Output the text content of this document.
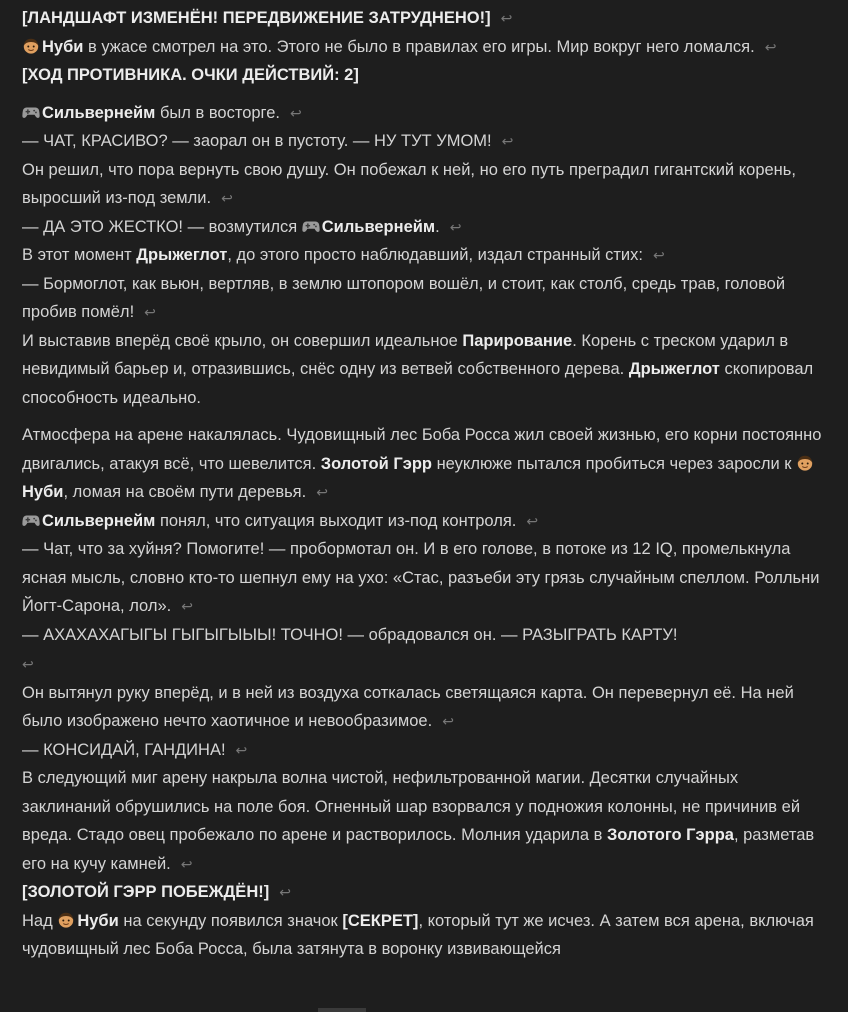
[ЛАНДШАФТ ИЗМЕНЁН! ПЕРЕДВИЖЕНИЕ ЗАТРУДНЕНО!] ↩

Нуби в ужасе смотрел на это. Этого не было в правилах его игры. Мир вокруг него ломался. ↩

[ХОД ПРОТИВНИКА. ОЧКИ ДЕЙСТВИЙ: 2]

Сильвернейм был в восторге. ↩

— ЧАТ, КРАСИВО? — заорал он в пустоту. — НУ ТУТ УМОМ! ↩

Он решил, что пора вернуть свою душу. Он побежал к ней, но его путь преградил гигантский корень, выросший из-под земли. ↩

— ДА ЭТО ЖЕСТКО! — возмутился Сильвернейм. ↩

В этот момент Дрыжеглот, до этого просто наблюдавший, издал странный стих: ↩

— Бормоглот, как вьюн, вертляв, в землю штопором вошёл, и стоит, как столб, средь трав, головой пробив помёл! ↩

И выставив вперёд своё крыло, он совершил идеальное Парирование. Корень с треском ударил в невидимый барьер и, отразившись, снёс одну из ветвей собственного дерева. Дрыжеглот скопировал способность идеально.

Атмосфера на арене накалялась. Чудовищный лес Боба Росса жил своей жизнью, его корни постоянно двигались, атакуя всё, что шевелится. Золотой Гэрр неуклюже пытался пробиться через заросли к Нуби, ломая на своём пути деревья. ↩

Сильвернейм понял, что ситуация выходит из-под контроля. ↩

— Чат, что за хуйня? Помогите! — пробормотал он. И в его голове, в потоке из 12 IQ, промелькнула ясная мысль, словно кто-то шепнул ему на ухо: «Стас, разъеби эту грязь случайным спеллом. Ролльни Йогт-Сарона, лол». ↩

— АХАХАХАГЫГЫ ГЫГЫГЫЫЫ! ТОЧНО! — обрадовался он. — РАЗЫГРАТЬ КАРТУ!
↩

Он вытянул руку вперёд, и в ней из воздуха соткалась светящаяся карта. Он перевернул её. На ней было изображено нечто хаотичное и невообразимое. ↩

— КОНСИДАЙ, ГАНДИНА! ↩

В следующий миг арену накрыла волна чистой, нефильтрованной магии. Десятки случайных заклинаний обрушились на поле боя. Огненный шар взорвался у подножия колонны, не причинив ей вреда. Стадо овец пробежало по арене и растворилось. Молния ударила в Золотого Гэрра, разметав его на кучу камней. ↩

[ЗОЛОТОЙ ГЭРР ПОБЕЖДЁН!] ↩

Над Нуби на секунду появился значок [СЕКРЕТ], который тут же исчез. А затем вся арена, включая чудовищный лес Боба Росса, была затянута в воронку извивающейся
